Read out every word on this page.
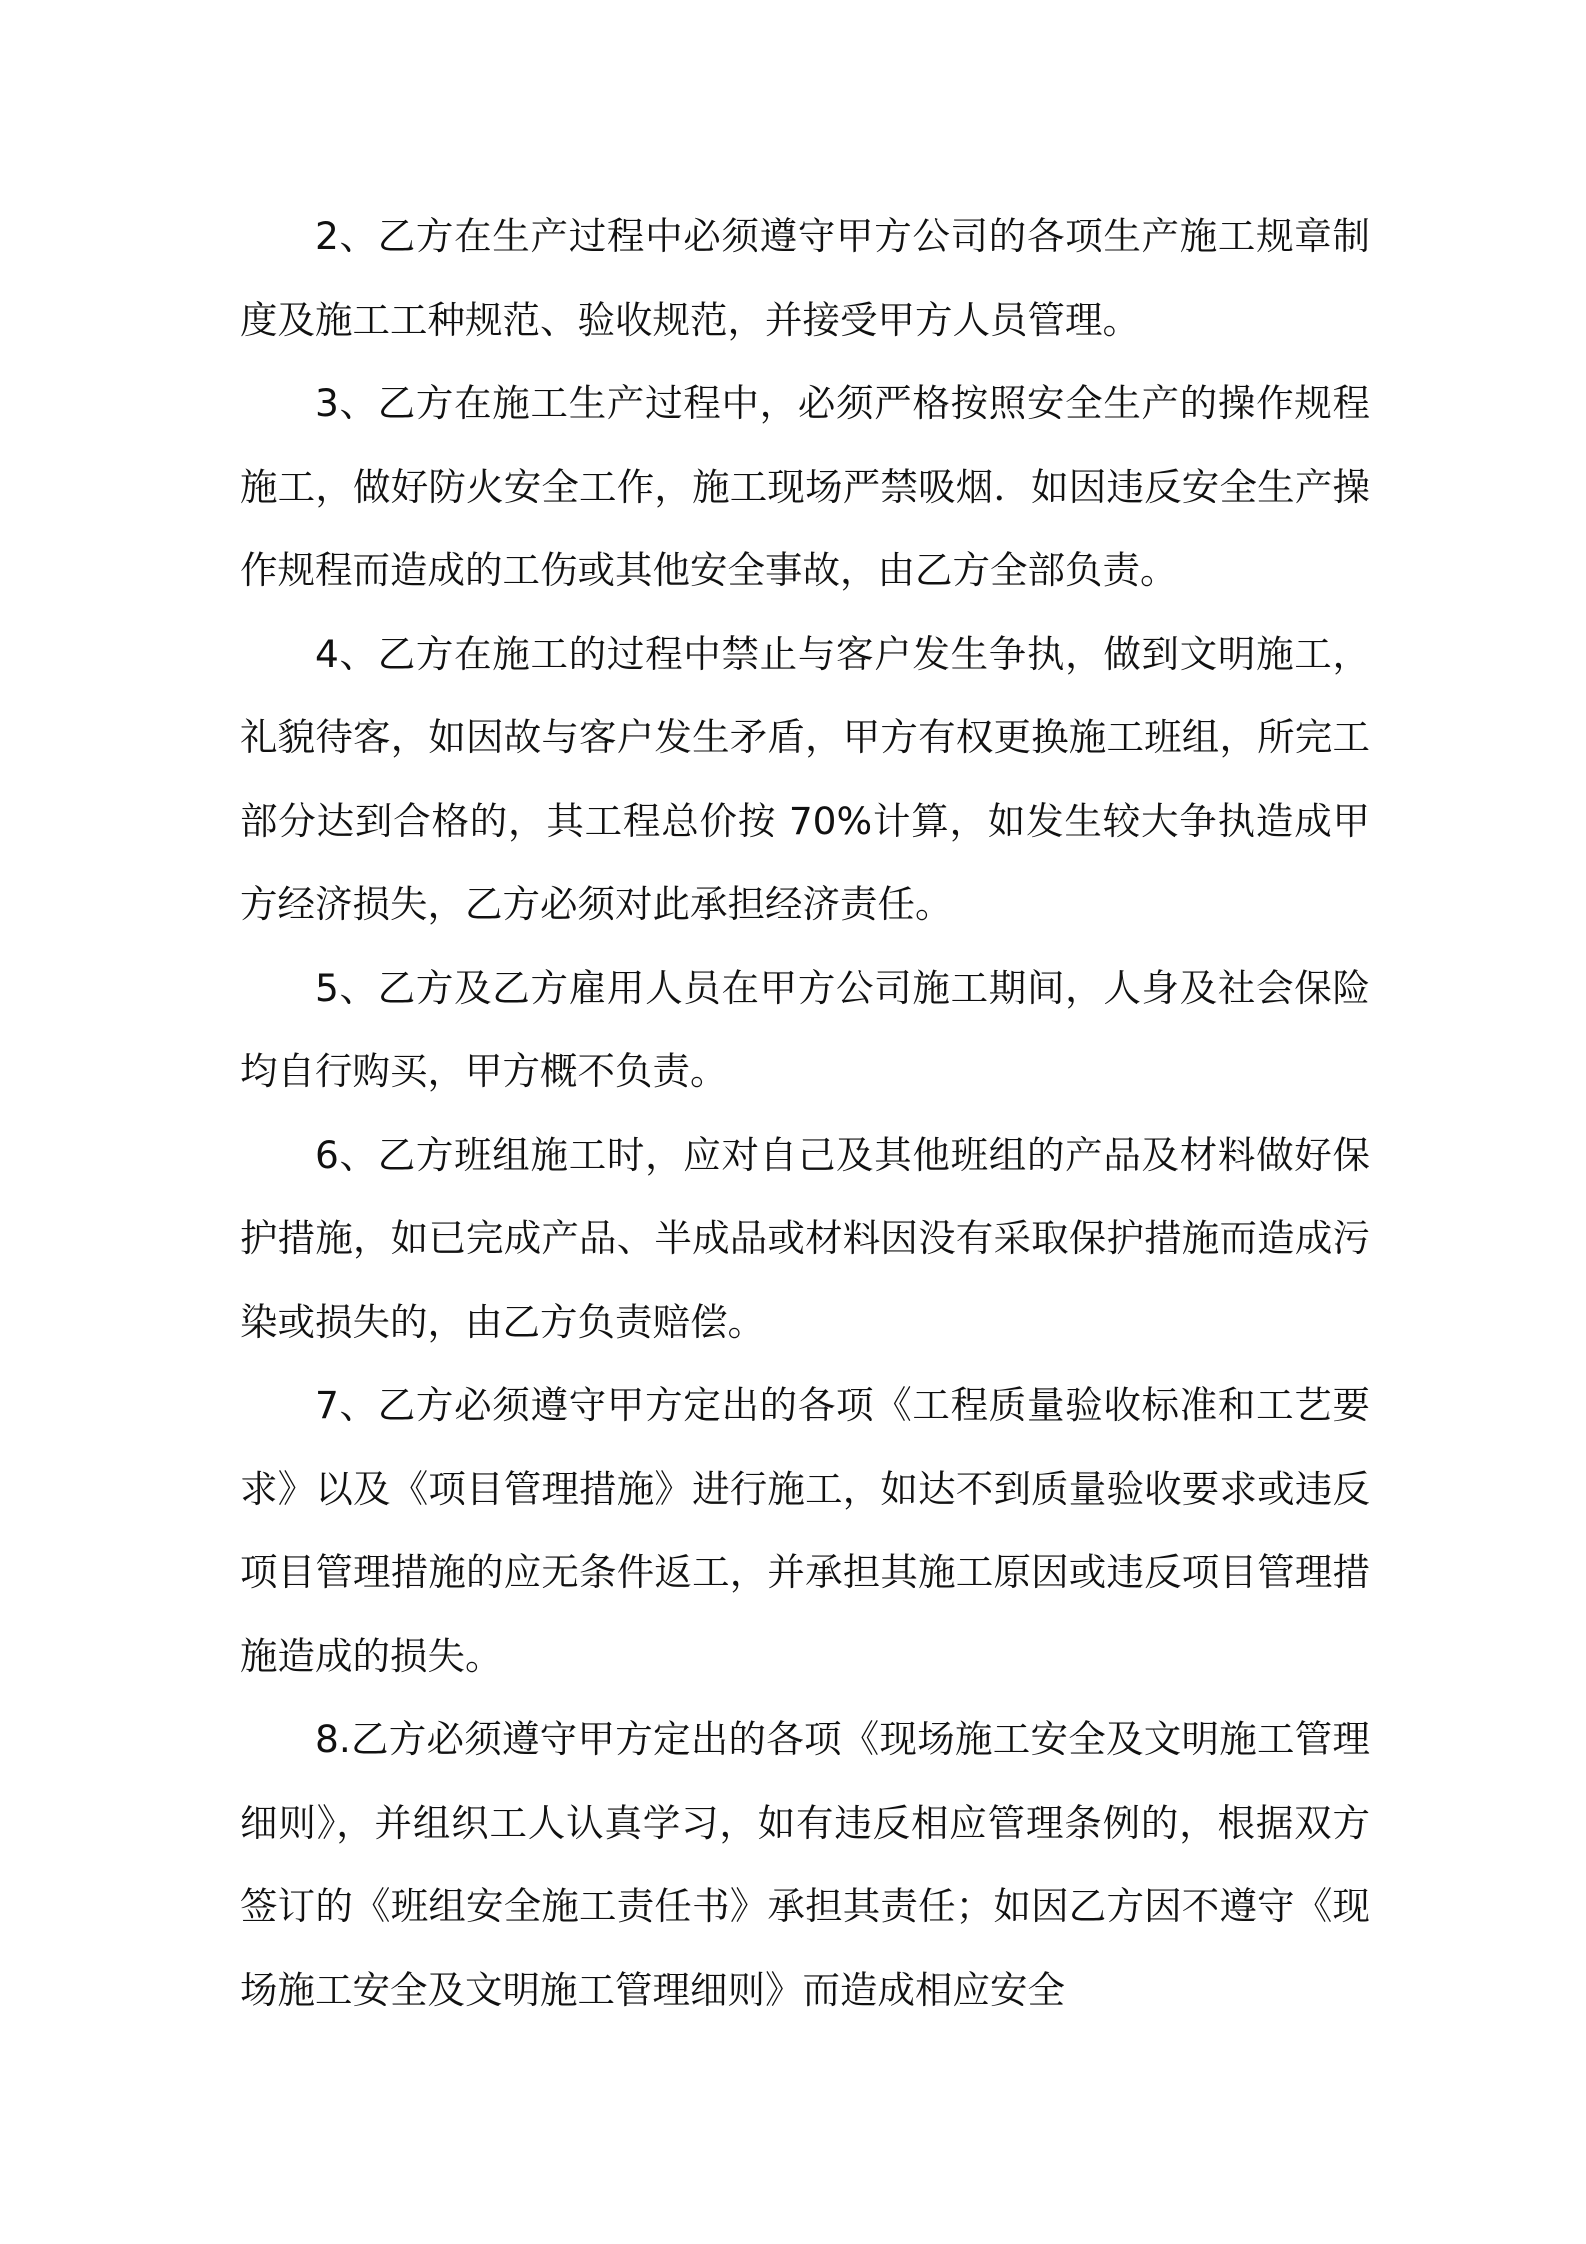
2、乙方在生产过程中必须遵守甲方公司的各项生产施工规章制度及施工工种规范、验收规范，并接受甲方人员管理。

3、乙方在施工生产过程中，必须严格按照安全生产的操作规程施工，做好防火安全工作，施工现场严禁吸烟．如因违反安全生产操作规程而造成的工伤或其他安全事故，由乙方全部负责。

4、乙方在施工的过程中禁止与客户发生争执，做到文明施工，礼貌待客，如因故与客户发生矛盾，甲方有权更换施工班组，所完工部分达到合格的，其工程总价按 70%计算，如发生较大争执造成甲方经济损失，乙方必须对此承担经济责任。

5、乙方及乙方雇用人员在甲方公司施工期间，人身及社会保险均自行购买，甲方概不负责。

6、乙方班组施工时，应对自己及其他班组的产品及材料做好保护措施，如已完成产品、半成品或材料因没有采取保护措施而造成污染或损失的，由乙方负责赔偿。

7、乙方必须遵守甲方定出的各项《工程质量验收标准和工艺要求》以及《项目管理措施》进行施工，如达不到质量验收要求或违反项目管理措施的应无条件返工，并承担其施工原因或违反项目管理措施造成的损失。

8.乙方必须遵守甲方定出的各项《现场施工安全及文明施工管理细则》，并组织工人认真学习，如有违反相应管理条例的，根据双方签订的《班组安全施工责任书》承担其责任；如因乙方因不遵守《现场施工安全及文明施工管理细则》而造成相应安全
